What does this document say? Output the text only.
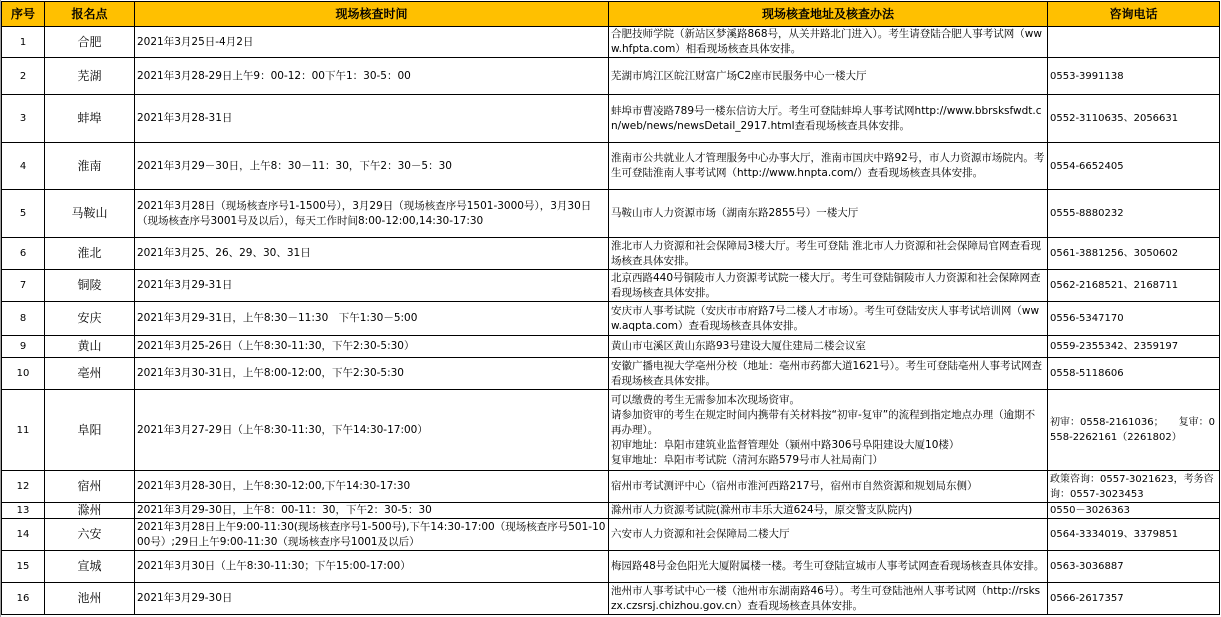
序号	报名点	现场核查时间	现场核查地址及核查办法	咨询电话
1	合肥	2021年3月25日-4月2日	合肥技师学院（新站区梦溪路868号，从关井路北门进入）。考生请登陆合肥人事考试网（www.hfpta.com）相看现场核查具体安排。	

2	芜湖	2021年3月28-29日上午9：00-12：00下午1：30-5：00	芜湖市鸠江区皖江财富广场C2座市民服务中心一楼大厅	0553-3991138
3	蚌埠	2021年3月28-31日	蚌埠市曹凌路789号一楼东信访大厅。考生可登陆蚌埠人事考试网http://www.bbrsksfwdt.cn/web/news/newsDetail_2917.html查看现场核查具体安排。	0552-3110635、2056631
4	淮南	2021年3月29－30日，上午8：30－11：30，下午2：30－5：30	淮南市公共就业人才管理服务中心办事大厅，淮南市国庆中路92号，市人力资源市场院内。考生可登陆淮南人事考试网（http://www.hnpta.com/）查看现场核查具体安排。	0554-6652405
5	马鞍山	2021年3月28日（现场核查序号1-1500号），3月29日（现场核查序号1501-3000号），3月30日（现场核查序号3001号及以后），每天工作时间8:00-12:00,14:30-17:30	马鞍山市人力资源市场（湖南东路2855号）一楼大厅	0555-8880232
6	淮北	2021年3月25、26、29、30、31日	淮北市人力资源和社会保障局3楼大厅。考生可登陆 淮北市人力资源和社会保障局官网查看现场核查具体安排。	0561-3881256、3050602
7	铜陵	2021年3月29-31日	北京西路440号铜陵市人力资源考试院一楼大厅。考生可登陆铜陵市人力资源和社会保障网查看现场核查具体安排。	0562-2168521、2168711
8	安庆	2021年3月29-31日，上午8:30－11:30　下午1:30－5:00	安庆市人事考试院（安庆市市府路7号二楼人才市场）。考生可登陆安庆人事考试培训网（www.aqpta.com）查看现场核查具体安排。	0556-5347170
9	黄山	2021年3月25-26日（上午8:30-11:30，下午2:30-5:30）	黄山市屯溪区黄山东路93号建设大厦住建局二楼会议室	0559-2355342、2359197
10	亳州	2021年3月30-31日，上午8:00-12:00，下午2:30-5:30	安徽广播电视大学亳州分校（地址：亳州市药都大道1621号）。考生可登陆亳州人事考试网查看现场核查具体安排。	0558-5118606
11	阜阳	2021年3月27-29日（上午8:30-11:30，下午14:30-17:00）	可以缴费的考生无需参加本次现场资审。
请参加资审的考生在规定时间内携带有关材料按“初审-复审”的流程到指定地点办理（逾期不再办理）。
初审地址：阜阳市建筑业监督管理处（颍州中路306号阜阳建设大厦10楼）
复审地址：阜阳市考试院（清河东路579号市人社局南门）	初审：0558-2161036；　　复审：0558-2262161（2261802）
12	宿州	2021年3月28-30日，上午8:30-12:00,下午14:30-17:30	宿州市考试测评中心（宿州市淮河西路217号，宿州市自然资源和规划局东侧）	政策咨询：0557-3021623，考务咨询：0557-3023453
13	滁州	2021年3月29-30日，上午8：00-11：30，下午2：30-5：30	滁州市人力资源考试院(滁州市丰乐大道624号，原交警支队院内)	0550－3026363
14	六安	2021年3月28日上午9:00-11:30(现场核查序号1-500号),下午14:30-17:00（现场核查序号501-1000号）;29日上午9:00-11:30（现场核查序号1001及以后）	六安市人力资源和社会保障局二楼大厅	0564-3334019、3379851
15	宣城	2021年3月30日（上午8:30-11:30；下午15:00-17:00）	梅园路48号金色阳光大厦附属楼一楼。考生可登陆宣城市人事考试网查看现场核查具体安排。	0563-3036887
16	池州	2021年3月29-30日	池州市人事考试中心一楼（池州市东湖南路46号）。考生可登陆池州人事考试网（http://rskszx.czsrsj.chizhou.gov.cn）查看现场核查具体安排。	0566-2617357
